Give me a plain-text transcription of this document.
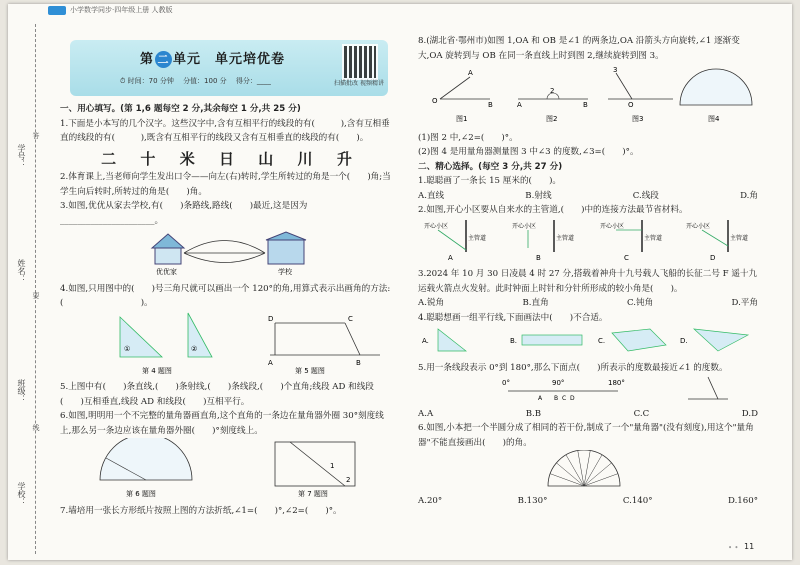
小学数学同步·四年级上册 人教版
学号：
姓名：
班级：
学校：
答
要
线
第 二 单元　单元培优卷
⏱ 时间：70 分钟　 分值：100 分　 得分：____	扫描批改 视频精讲
一、用心填写。(第 1,6 题每空 2 分,其余每空 1 分,共 25 分)
1.下面是小本写的几个汉字。这些汉字中,含有互相平行的线段的有(　　　),含有互相垂直的线段的有(　　　),既含有互相平行的线段又含有互相垂直的线段的有(　　)。
二 十 米 日 山 川 升
2.体育课上,当老师向学生发出口令——向左(右)转时,学生所转过的角是一个(　　)角;当学生向后转时,所转过的角是(　　)角。
3.如图,优优从家去学校,有(　　)条路线,路线(　　)最近,这是因为______________________。
优优家	学校
4.如图,只用图中的(　　)号三角尺就可以画出一个 120°的角,用算式表示出画角的方法:(　　　　　　　　　)。
①	②
D	C
A	B
第 4 题图	第 5 题图
5.上图中有(　　)条直线,(　　)条射线,(　　)条线段,(　　)个直角;线段 AD 和线段(　　)互相垂直,线段 AD 和线段(　　)互相平行。
6.如图,明明用一个不完整的量角器画直角,这个直角的一条边在量角器外圈 30°刻度线上,那么另一条边应该在量角器外圈(　　)°刻度线上。
1
2
第 6 题图	第 7 题图
7.墙培用一张长方形纸片按照上图的方法折纸,∠1=(　　)°,∠2=(　　)°。
8.(湖北省·鄂州市)如图 1,OA 和 OB 是∠1 的两条边,OA 沿箭头方向旋转,∠1 逐渐变大,OA 旋转到与 OB 在同一条直线上时到图 2,继续旋转到图 3。
O
A
B	A
2
B
3
O
图1	图2	图3	图4
(1)图 2 中,∠2=(　　)°。
(2)图 4 是用量角器测量图 3 中∠3 的度数,∠3=(　　)°。
二、精心选择。(每空 3 分,共 27 分)
1.聪聪画了一条长 15 厘米的(　　)。
A.直线	B.射线	C.线段	D.角
2.如图,开心小区要从自来水的主管道,(　　)中的连接方法最节省材料。
开心小区	开心小区	开心小区	开心小区
主管道	主管道	主管道	主管道
A	B	C	D
3.2024 年 10 月 30 日凌晨 4 时 27 分,搭载着神舟十九号载人飞船的长征二号 F 遥十九运载火箭点火发射。此时钟面上时针和分针所形成的较小角是(　　)。
A.锐角	B.直角	C.钝角	D.平角
4.聪聪想画一组平行线,下面画法中(　　)不合适。
A.	B.	C.	D.
5.用一条线段表示 0°到 180°,那么下面点(　　)所表示的度数最接近∠1 的度数。
0°	90°	180°
A B C D
A.A	B.B	C.C	D.D
6.如图,小本把一个半圆分成了相同的若干份,制成了一个"量角器"(没有刻度),用这个"量角器"不能直接画出(　　)的角。
A.20°	B.130°	C.140°	D.160°
• • 11
